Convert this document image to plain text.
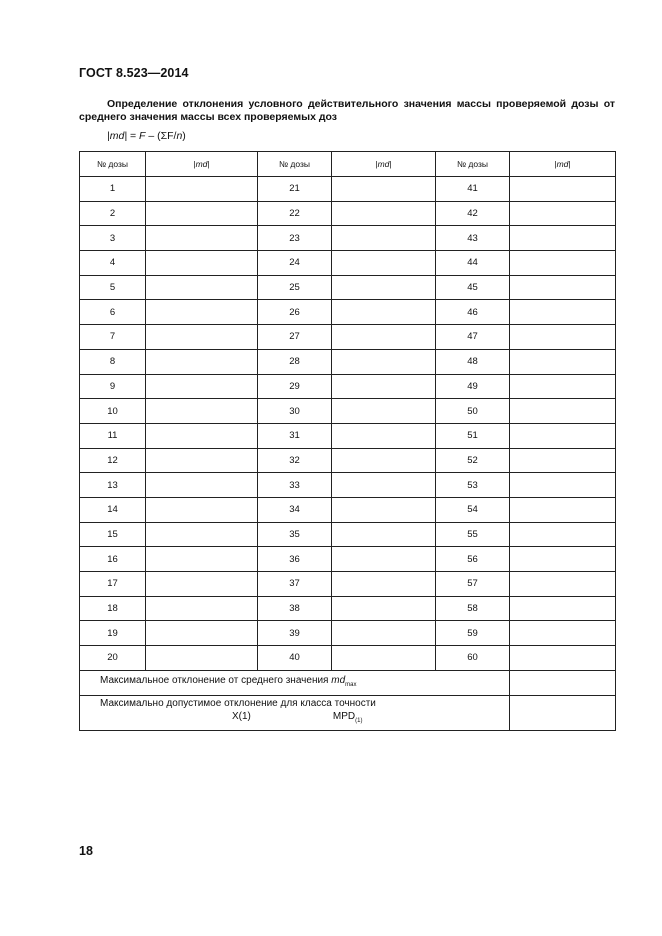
ГОСТ 8.523—2014
Определение отклонения условного действительного значения массы проверяемой дозы от
среднего значения массы всех проверяемых доз
|md| = F – (ΣF/n)
№ дозы	|md|	№ дозы	|md|	№ дозы	|md|
1		21		41	
2		22		42	
3		23		43	
4		24		44	
5		25		45	
6		26		46	
7		27		47	
8		28		48	
9		29		49	
10		30		50	
11		31		51	
12		32		52	
13		33		53	
14		34		54	
15		35		55	
16		36		56	
17		37		57	
18		38		58	
19		39		59	
20		40		60	
Максимальное отклонение от среднего значения $md_{max}$	

Максимально допустимое отклонение для класса точности
X(1) $MPD_{(1)}$

18
